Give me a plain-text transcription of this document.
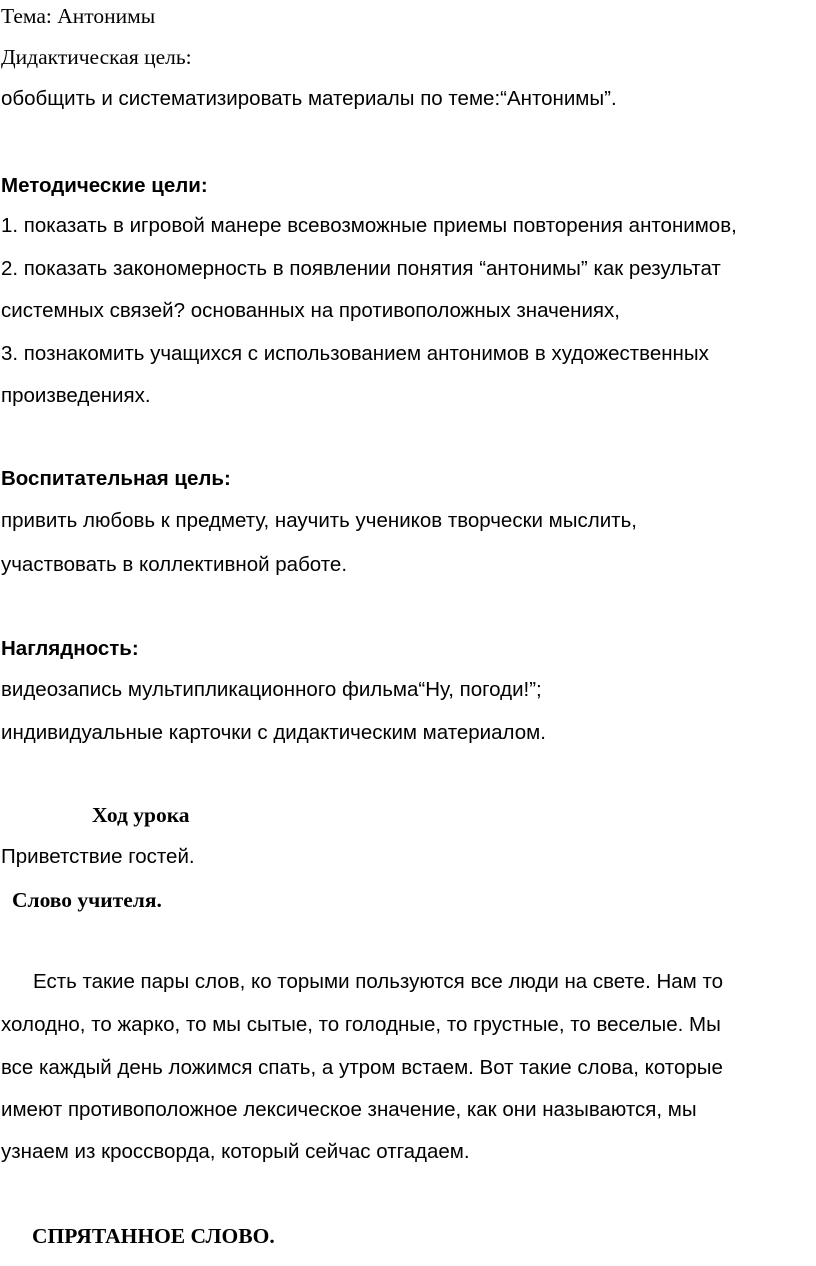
Тема: Антонимы
Дидактическая цель:
обобщить и систематизировать материалы по теме:“Антонимы”.
Методические цели:
1. показать в игровой манере всевозможные приемы повторения антонимов,
2. показать закономерность в появлении понятия “антонимы” как результат
системных связей? основанных на противоположных значениях,
3. познакомить учащихся с использованием антонимов в художественных
произведениях.
Воспитательная цель:
привить любовь к предмету, научить учеников творчески мыслить,
участвовать в коллективной работе.
Наглядность:
видеозапись мультипликационного фильма“Ну, погоди!”;
индивидуальные карточки с дидактическим материалом.
Ход урока
Приветствие гостей.
Слово учителя.
Есть такие пары слов, ко торыми пользуются все люди на свете. Нам то
холодно, то жарко, то мы сытые, то голодные, то грустные, то веселые. Мы
все каждый день ложимся спать, а утром встаем. Вот такие слова, которые
имеют противоположное лексическое значение, как они называются, мы
узнаем из кроссворда, который сейчас отгадаем.
СПРЯТАННОЕ СЛОВО.
